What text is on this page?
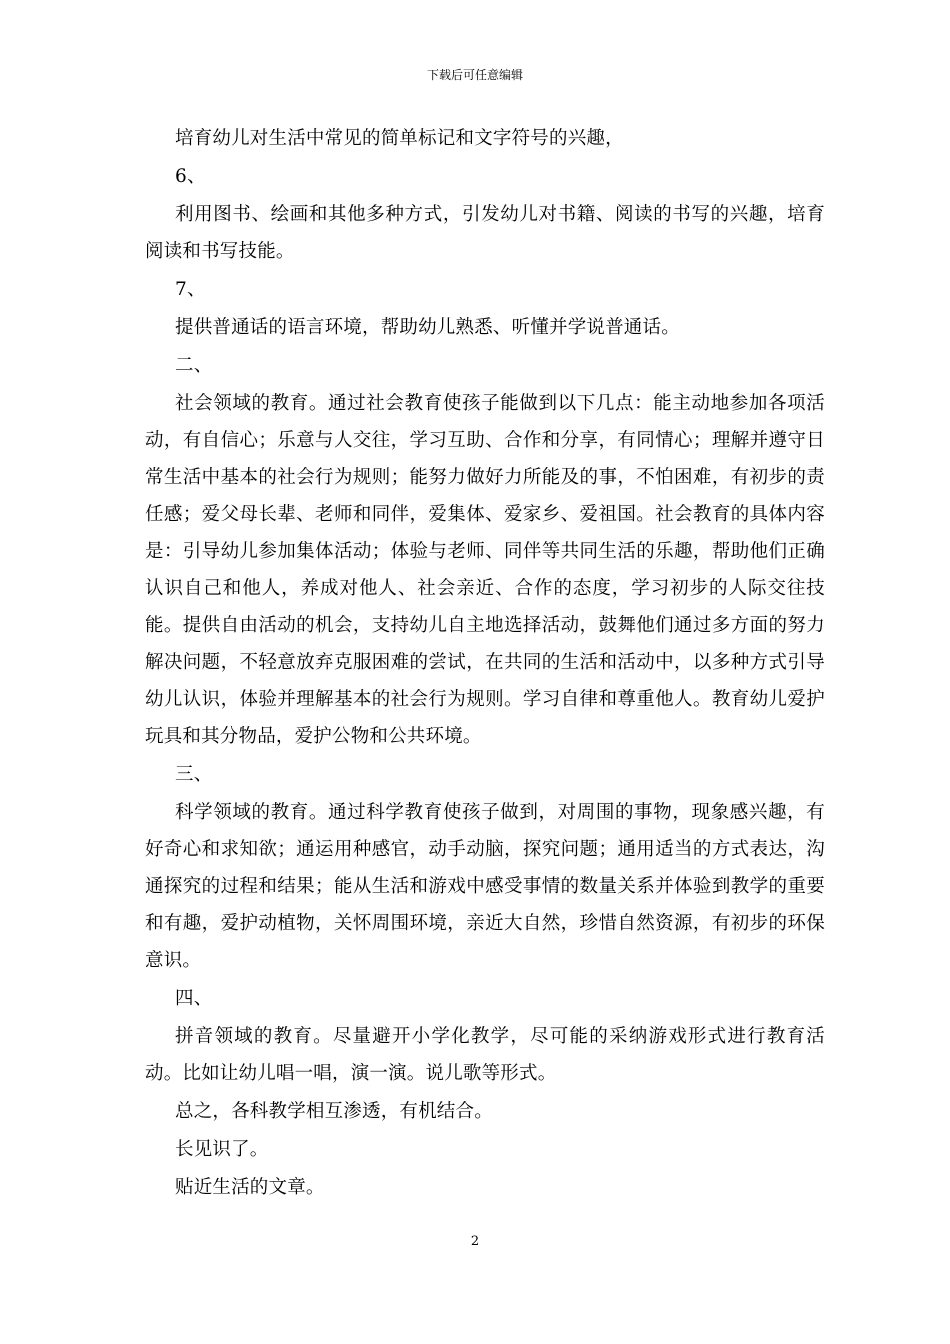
下载后可任意编辑

培育幼儿对生活中常见的简单标记和文字符号的兴趣，

6、

利用图书、绘画和其他多种方式，引发幼儿对书籍、阅读的书写的兴趣，培育阅读和书写技能。

7、

提供普通话的语言环境，帮助幼儿熟悉、听懂并学说普通话。

二、

社会领域的教育。通过社会教育使孩子能做到以下几点：能主动地参加各项活动，有自信心；乐意与人交往，学习互助、合作和分享，有同情心；理解并遵守日常生活中基本的社会行为规则；能努力做好力所能及的事，不怕困难，有初步的责任感；爱父母长辈、老师和同伴，爱集体、爱家乡、爱祖国。社会教育的具体内容是：引导幼儿参加集体活动；体验与老师、同伴等共同生活的乐趣，帮助他们正确认识自己和他人，养成对他人、社会亲近、合作的态度，学习初步的人际交往技能。提供自由活动的机会，支持幼儿自主地选择活动，鼓舞他们通过多方面的努力解决问题，不轻意放弃克服困难的尝试，在共同的生活和活动中，以多种方式引导幼儿认识，体验并理解基本的社会行为规则。学习自律和尊重他人。教育幼儿爱护玩具和其分物品，爱护公物和公共环境。

三、

科学领域的教育。通过科学教育使孩子做到，对周围的事物，现象感兴趣，有好奇心和求知欲；通运用种感官，动手动脑，探究问题；通用适当的方式表达，沟通探究的过程和结果；能从生活和游戏中感受事情的数量关系并体验到教学的重要和有趣，爱护动植物，关怀周围环境，亲近大自然，珍惜自然资源，有初步的环保意识。

四、

拼音领域的教育。尽量避开小学化教学，尽可能的采纳游戏形式进行教育活动。比如让幼儿唱一唱，演一演。说儿歌等形式。

总之，各科教学相互渗透，有机结合。

长见识了。

贴近生活的文章。

2
